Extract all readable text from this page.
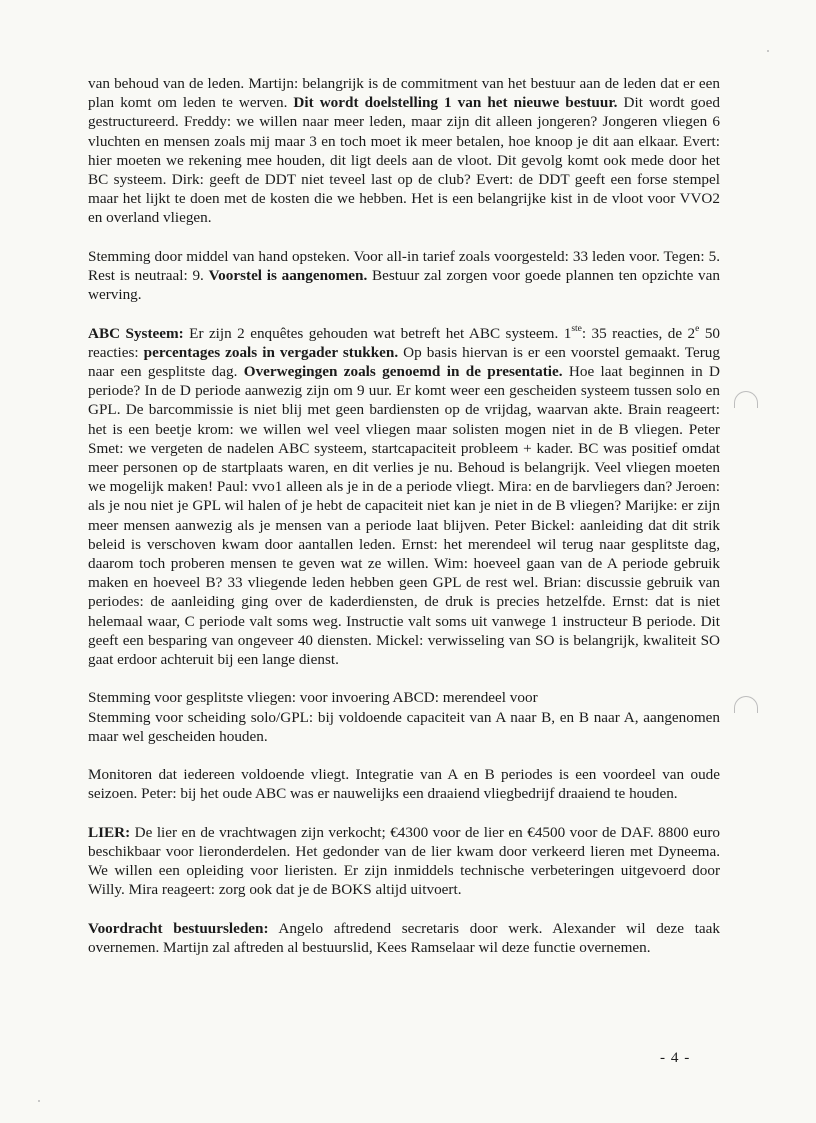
van behoud van de leden. Martijn: belangrijk is de commitment van het bestuur aan de leden dat er een plan komt om leden te werven. Dit wordt doelstelling 1 van het nieuwe bestuur. Dit wordt goed gestructureerd. Freddy: we willen naar meer leden, maar zijn dit alleen jongeren? Jongeren vliegen 6 vluchten en mensen zoals mij maar 3 en toch moet ik meer betalen, hoe knoop je dit aan elkaar. Evert: hier moeten we rekening mee houden, dit ligt deels aan de vloot. Dit gevolg komt ook mede door het BC systeem. Dirk: geeft de DDT niet teveel last op de club? Evert: de DDT geeft een forse stempel maar het lijkt te doen met de kosten die we hebben. Het is een belangrijke kist in de vloot voor VVO2 en overland vliegen.

Stemming door middel van hand opsteken. Voor all-in tarief zoals voorgesteld: 33 leden voor. Tegen: 5. Rest is neutraal: 9. Voorstel is aangenomen. Bestuur zal zorgen voor goede plannen ten opzichte van werving.

ABC Systeem: Er zijn 2 enquêtes gehouden wat betreft het ABC systeem. 1ste: 35 reacties, de 2e 50 reacties: percentages zoals in vergader stukken. Op basis hiervan is er een voorstel gemaakt. Terug naar een gesplitste dag. Overwegingen zoals genoemd in de presentatie. Hoe laat beginnen in D periode? In de D periode aanwezig zijn om 9 uur. Er komt weer een gescheiden systeem tussen solo en GPL. De barcommissie is niet blij met geen bardiensten op de vrijdag, waarvan akte. Brain reageert: het is een beetje krom: we willen wel veel vliegen maar solisten mogen niet in de B vliegen. Peter Smet: we vergeten de nadelen ABC systeem, startcapaciteit probleem + kader. BC was positief omdat meer personen op de startplaats waren, en dit verlies je nu. Behoud is belangrijk. Veel vliegen moeten we mogelijk maken! Paul: vvo1 alleen als je in de a periode vliegt. Mira: en de barvliegers dan? Jeroen: als je nou niet je GPL wil halen of je hebt de capaciteit niet kan je niet in de B vliegen? Marijke: er zijn meer mensen aanwezig als je mensen van a periode laat blijven. Peter Bickel: aanleiding dat dit strik beleid is verschoven kwam door aantallen leden. Ernst: het merendeel wil terug naar gesplitste dag, daarom toch proberen mensen te geven wat ze willen. Wim: hoeveel gaan van de A periode gebruik maken en hoeveel B? 33 vliegende leden hebben geen GPL de rest wel. Brian: discussie gebruik van periodes: de aanleiding ging over de kaderdiensten, de druk is precies hetzelfde. Ernst: dat is niet helemaal waar, C periode valt soms weg. Instructie valt soms uit vanwege 1 instructeur B periode. Dit geeft een besparing van ongeveer 40 diensten. Mickel: verwisseling van SO is belangrijk, kwaliteit SO gaat erdoor achteruit bij een lange dienst.

Stemming voor gesplitste vliegen: voor invoering ABCD: merendeel voor

Stemming voor scheiding solo/GPL: bij voldoende capaciteit van A naar B, en B naar A, aangenomen maar wel gescheiden houden.

Monitoren dat iedereen voldoende vliegt. Integratie van A en B periodes is een voordeel van oude seizoen. Peter: bij het oude ABC was er nauwelijks een draaiend vliegbedrijf draaiend te houden.

LIER: De lier en de vrachtwagen zijn verkocht; €4300 voor de lier en €4500 voor de DAF. 8800 euro beschikbaar voor lieronderdelen. Het gedonder van de lier kwam door verkeerd lieren met Dyneema. We willen een opleiding voor lieristen. Er zijn inmiddels technische verbeteringen uitgevoerd door Willy. Mira reageert: zorg ook dat je de BOKS altijd uitvoert.

Voordracht bestuursleden: Angelo aftredend secretaris door werk. Alexander wil deze taak overnemen. Martijn zal aftreden al bestuurslid, Kees Ramselaar wil deze functie overnemen.

- 4 -
